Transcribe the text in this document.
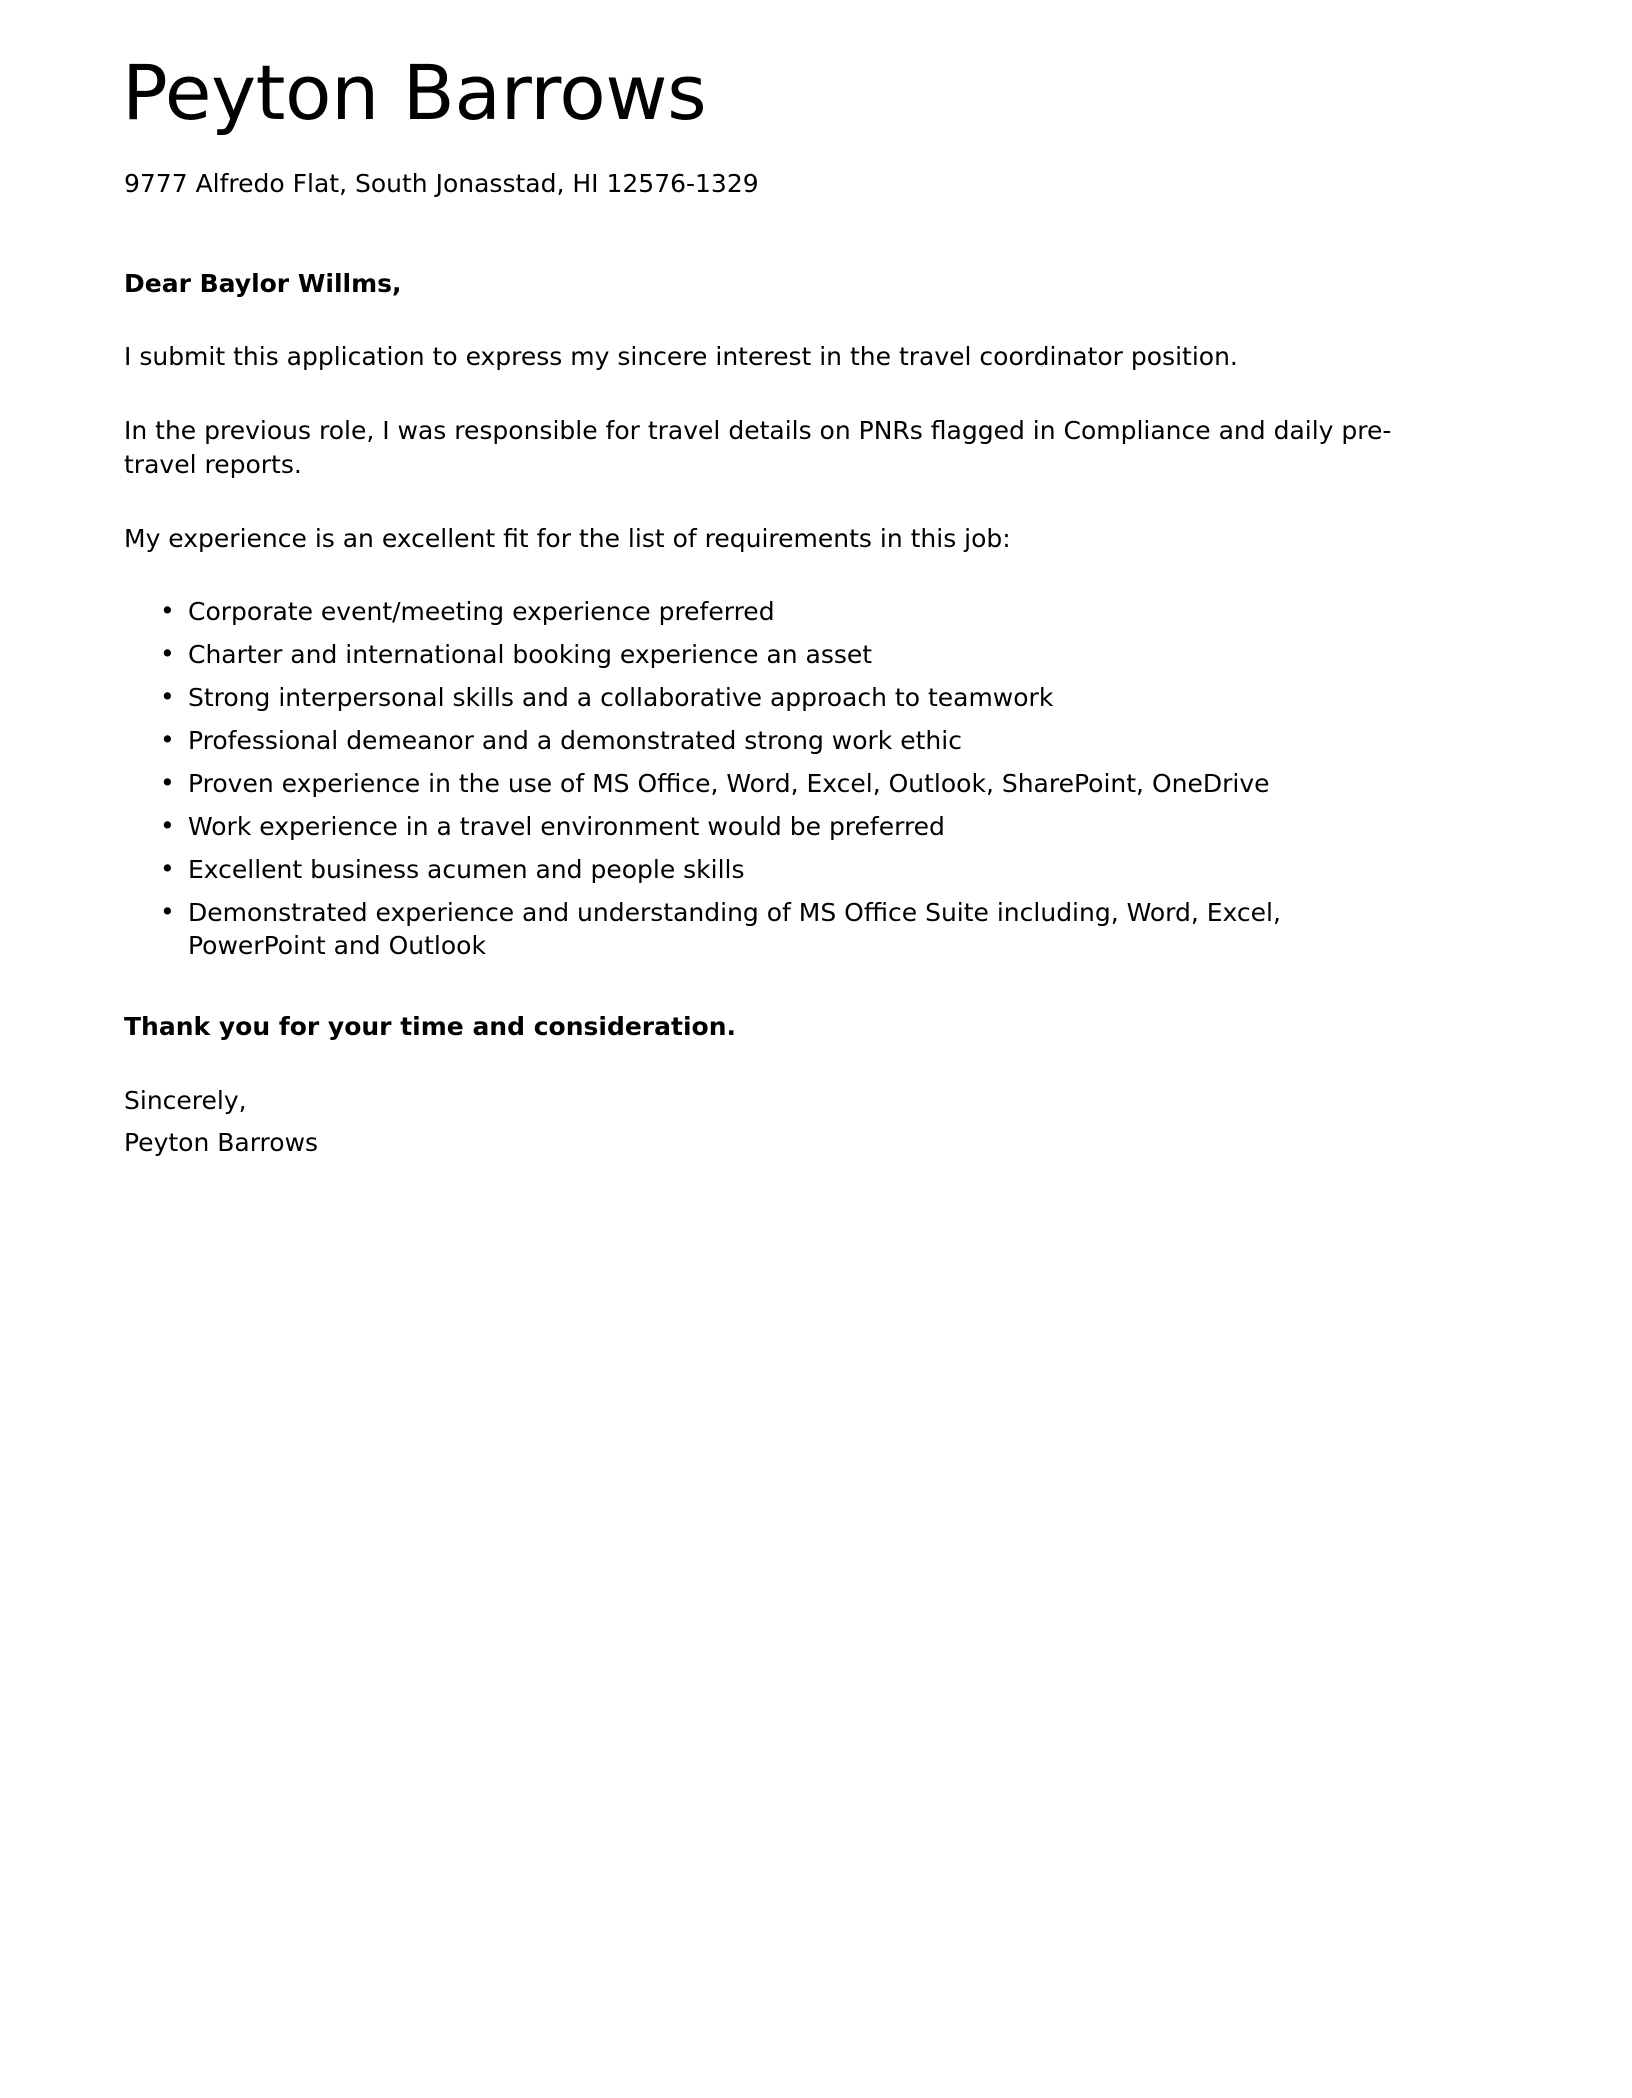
Peyton Barrows
9777 Alfredo Flat, South Jonasstad, HI 12576-1329

Dear Baylor Willms,

I submit this application to express my sincere interest in the travel coordinator position.

In the previous role, I was responsible for travel details on PNRs flagged in Compliance and daily pre-travel reports.

My experience is an excellent fit for the list of requirements in this job:

• Corporate event/meeting experience preferred
• Charter and international booking experience an asset
• Strong interpersonal skills and a collaborative approach to teamwork
• Professional demeanor and a demonstrated strong work ethic
• Proven experience in the use of MS Office, Word, Excel, Outlook, SharePoint, OneDrive
• Work experience in a travel environment would be preferred
• Excellent business acumen and people skills
• Demonstrated experience and understanding of MS Office Suite including, Word, Excel, PowerPoint and Outlook

Thank you for your time and consideration.

Sincerely,
Peyton Barrows
